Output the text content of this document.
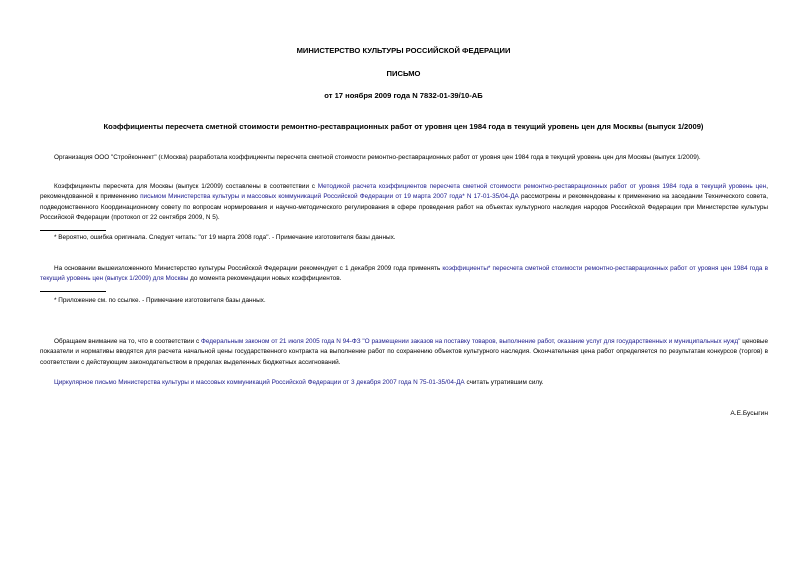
МИНИСТЕРСТВО КУЛЬТУРЫ РОССИЙСКОЙ ФЕДЕРАЦИИ
ПИСЬМО
от 17 ноября 2009 года N 7832-01-39/10-АБ
Коэффициенты пересчета сметной стоимости ремонтно-реставрационных работ от уровня цен 1984 года в текущий уровень цен для Москвы (выпуск 1/2009)
Организация ООО "Стройконнект" (г.Москва) разработала коэффициенты пересчета сметной стоимости ремонтно-реставрационных работ от уровня цен 1984 года в текущий уровень цен для Москвы (выпуск 1/2009).
Коэффициенты пересчета для Москвы (выпуск 1/2009) составлены в соответствии с Методикой расчета коэффициентов пересчета сметной стоимости ремонтно-реставрационных работ от уровня 1984 года в текущий уровень цен, рекомендованной к применению письмом Министерства культуры и массовых коммуникаций Российской Федерации от 19 марта 2007 года* N 17-01-35/04-ДА рассмотрены и рекомендованы к применению на заседании Технического совета, подведомственного Координационному совету по вопросам нормирования и научно-методического регулирования в сфере проведения работ на объектах культурного наследия народов Российской Федерации при Министерстве культуры Российской Федерации (протокол от 22 сентября 2009, N 5).
* Вероятно, ошибка оригинала. Следует читать: "от 19 марта 2008 года". - Примечание изготовителя базы данных.
На основании вышеизложенного Министерство культуры Российской Федерации рекомендует с 1 декабря 2009 года применять коэффициенты* пересчета сметной стоимости ремонтно-реставрационных работ от уровня цен 1984 года в текущий уровень цен (выпуск 1/2009) для Москвы до момента рекомендации новых коэффициентов.
* Приложение см. по ссылке. - Примечание изготовителя базы данных.
Обращаем внимание на то, что в соответствии с Федеральным законом от 21 июля 2005 года N 94-ФЗ "О размещении заказов на поставку товаров, выполнение работ, оказание услуг для государственных и муниципальных нужд" ценовые показатели и нормативы вводятся для расчета начальной цены государственного контракта на выполнение работ по сохранению объектов культурного наследия. Окончательная цена работ определяется по результатам конкурсов (торгов) в соответствии с действующим законодательством в пределах выделенных бюджетных ассигнований.
Циркулярное письмо Министерства культуры и массовых коммуникаций Российской Федерации от 3 декабря 2007 года N 75-01-35/04-ДА считать утратившим силу.
А.Е.Бусыгин
